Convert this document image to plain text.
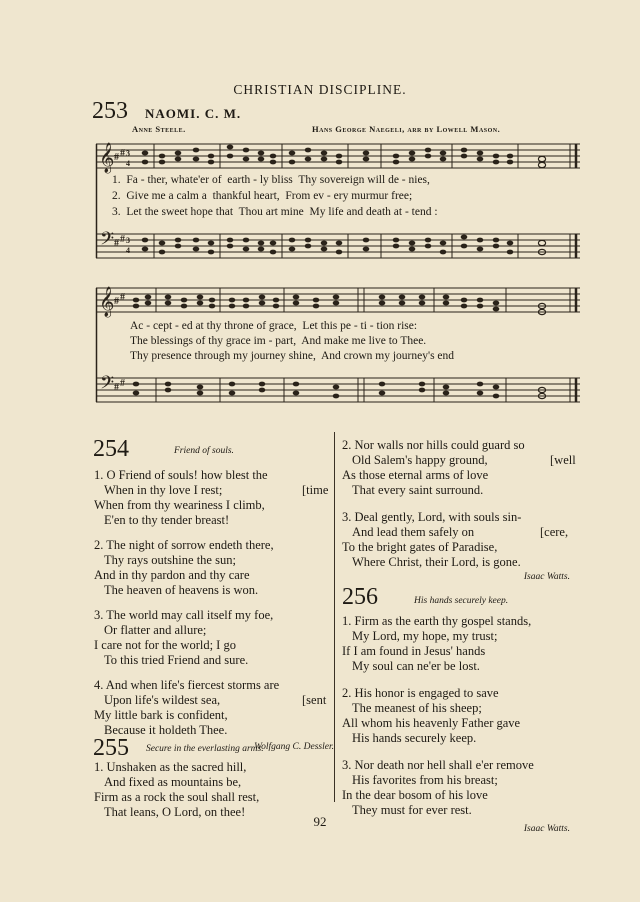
CHRISTIAN DISCIPLINE.
253 NAOMI. C. M.
Anne Steele.	Hans George Naegeli, arr by Lowell Mason.
𝄞
𝄢
# # 3
4
# # 3
4
1. Fa - ther, whate'er of earth - ly bliss Thy sovereign will de - nies,
2. Give me a calm a thankful heart, From ev - ery murmur free;
3. Let the sweet hope that Thou art mine My life and death at - tend :
𝄞
𝄢
# #
# #
Ac - cept - ed at thy throne of grace, Let this pe - ti - tion rise:
The blessings of thy grace im - part, And make me live to Thee.
Thy presence through my journey shine, And crown my journey's end
254	Friend of souls.
1. O Friend of souls! how blest the
When in thy love I rest;	[time
When from thy weariness I climb,
E'en to thy tender breast!
2. The night of sorrow endeth there,
Thy rays outshine the sun;
And in thy pardon and thy care
The heaven of heavens is won.
3. The world may call itself my foe,
Or flatter and allure;
I care not for the world; I go
To this tried Friend and sure.
4. And when life's fiercest storms are
Upon life's wildest sea,	[sent
My little bark is confident,
Because it holdeth Thee.
Wolfgang C. Dessler.
255 Secure in the everlasting arms.
1. Unshaken as the sacred hill,
And fixed as mountains be,
Firm as a rock the soul shall rest,
That leans, O Lord, on thee!
2. Nor walls nor hills could guard so
Old Salem's happy ground,	[well
As those eternal arms of love
That every saint surround.
3. Deal gently, Lord, with souls sin-
And lead them safely on	[cere,
To the bright gates of Paradise,
Where Christ, their Lord, is gone.
Isaac Watts.
256	His hands securely keep.
1. Firm as the earth thy gospel stands,
My Lord, my hope, my trust;
If I am found in Jesus' hands
My soul can ne'er be lost.
2. His honor is engaged to save
The meanest of his sheep;
All whom his heavenly Father gave
His hands securely keep.
3. Nor death nor hell shall e'er remove
His favorites from his breast;
In the dear bosom of his love
They must for ever rest.
Isaac Watts.
92
